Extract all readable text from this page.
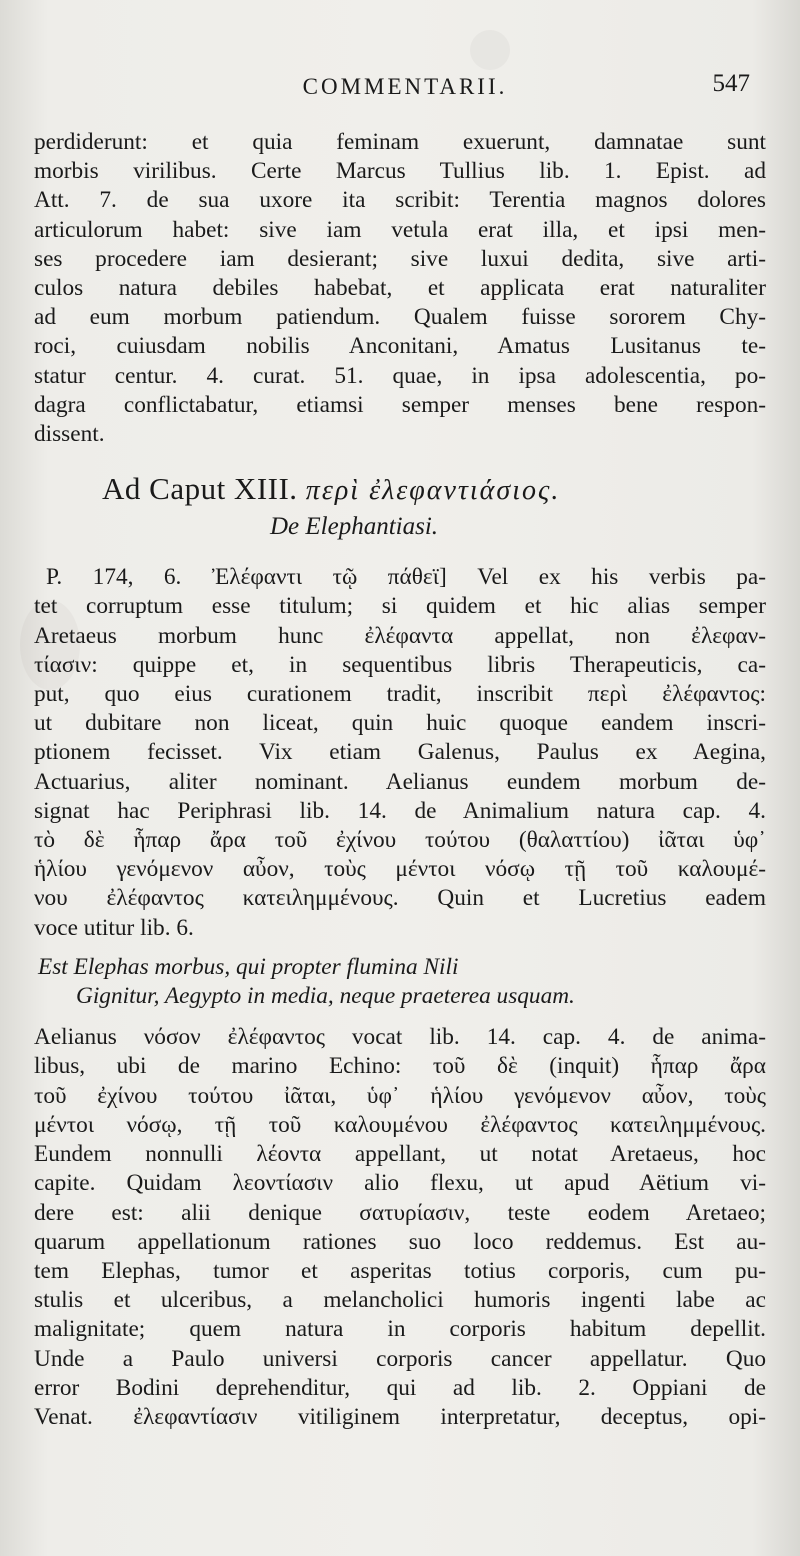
COMMENTARII.	547
perdiderunt: et quia feminam exuerunt, damnatae sunt
morbis virilibus. Certe Marcus Tullius lib. 1. Epist. ad
Att. 7. de sua uxore ita scribit: Terentia magnos dolores
articulorum habet: sive iam vetula erat illa, et ipsi men-
ses procedere iam desierant; sive luxui dedita, sive arti-
culos natura debiles habebat, et applicata erat naturaliter
ad eum morbum patiendum. Qualem fuisse sororem Chy-
roci, cuiusdam nobilis Anconitani, Amatus Lusitanus te-
statur centur. 4. curat. 51. quae, in ipsa adolescentia, po-
dagra conflictabatur, etiamsi semper menses bene respon-
dissent.
Ad Caput XIII. περὶ ἐλεφαντιάσιος.
De Elephantiasi.
P. 174, 6. Ἐλέφαντι τῷ πάθεϊ] Vel ex his verbis pa-
tet corruptum esse titulum; si quidem et hic alias semper
Aretaeus morbum hunc ἐλέφαντα appellat, non ἐλεφαν-
τίασιν: quippe et, in sequentibus libris Therapeuticis, ca-
put, quo eius curationem tradit, inscribit περὶ ἐλέφαντος:
ut dubitare non liceat, quin huic quoque eandem inscri-
ptionem fecisset. Vix etiam Galenus, Paulus ex Aegina,
Actuarius, aliter nominant. Aelianus eundem morbum de-
signat hac Periphrasi lib. 14. de Animalium natura cap. 4.
τὸ δὲ ἧπαρ ἄρα τοῦ ἐχίνου τούτου (θαλαττίου) ἰᾶται ὑφ᾽
ἡλίου γενόμενον αὖον, τοὺς μέντοι νόσῳ τῇ τοῦ καλουμέ-
νου ἐλέφαντος κατειλημμένους. Quin et Lucretius eadem
voce utitur lib. 6.
Est Elephas morbus, qui propter flumina Nili
Gignitur, Aegypto in media, neque praeterea usquam.
Aelianus νόσον ἐλέφαντος vocat lib. 14. cap. 4. de anima-
libus, ubi de marino Echino: τοῦ δὲ (inquit) ἧπαρ ἄρα
τοῦ ἐχίνου τούτου ἰᾶται, ὑφ᾽ ἡλίου γενόμενον αὖον, τοὺς
μέντοι νόσῳ, τῇ τοῦ καλουμένου ἐλέφαντος κατειλημμένους.
Eundem nonnulli λέοντα appellant, ut notat Aretaeus, hoc
capite. Quidam λεοντίασιν alio flexu, ut apud Aëtium vi-
dere est: alii denique σατυρίασιν, teste eodem Aretaeo;
quarum appellationum rationes suo loco reddemus. Est au-
tem Elephas, tumor et asperitas totius corporis, cum pu-
stulis et ulceribus, a melancholici humoris ingenti labe ac
malignitate; quem natura in corporis habitum depellit.
Unde a Paulo universi corporis cancer appellatur. Quo
error Bodini deprehenditur, qui ad lib. 2. Oppiani de
Venat. ἐλεφαντίασιν vitiliginem interpretatur, deceptus, opi-
